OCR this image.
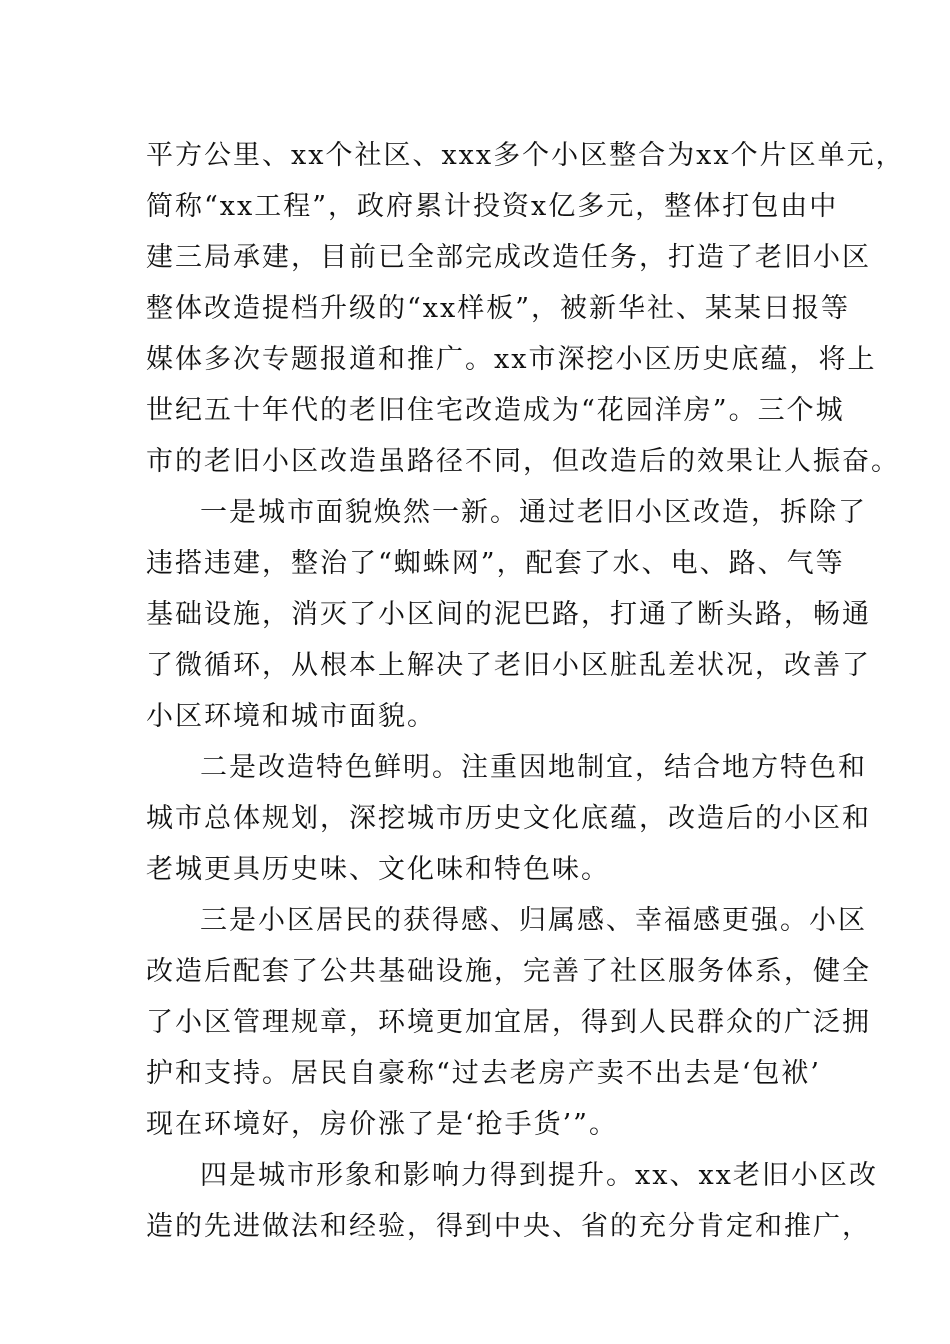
平方公里、xx个社区、xxx多个小区整合为xx个片区单元，
简称“xx工程”，政府累计投资x亿多元，整体打包由中
建三局承建，目前已全部完成改造任务，打造了老旧小区
整体改造提档升级的“xx样板”，被新华社、某某日报等
媒体多次专题报道和推广。xx市深挖小区历史底蕴，将上
世纪五十年代的老旧住宅改造成为“花园洋房”。三个城
市的老旧小区改造虽路径不同，但改造后的效果让人振奋。
一是城市面貌焕然一新。通过老旧小区改造，拆除了
违搭违建，整治了“蜘蛛网”，配套了水、电、路、气等
基础设施，消灭了小区间的泥巴路，打通了断头路，畅通
了微循环，从根本上解决了老旧小区脏乱差状况，改善了
小区环境和城市面貌。
二是改造特色鲜明。注重因地制宜，结合地方特色和
城市总体规划，深挖城市历史文化底蕴，改造后的小区和
老城更具历史味、文化味和特色味。
三是小区居民的获得感、归属感、幸福感更强。小区
改造后配套了公共基础设施，完善了社区服务体系，健全
了小区管理规章，环境更加宜居，得到人民群众的广泛拥
护和支持。居民自豪称“过去老房产卖不出去是‘包袱’
现在环境好，房价涨了是‘抢手货’”。
四是城市形象和影响力得到提升。xx、xx老旧小区改
造的先进做法和经验，得到中央、省的充分肯定和推广，
